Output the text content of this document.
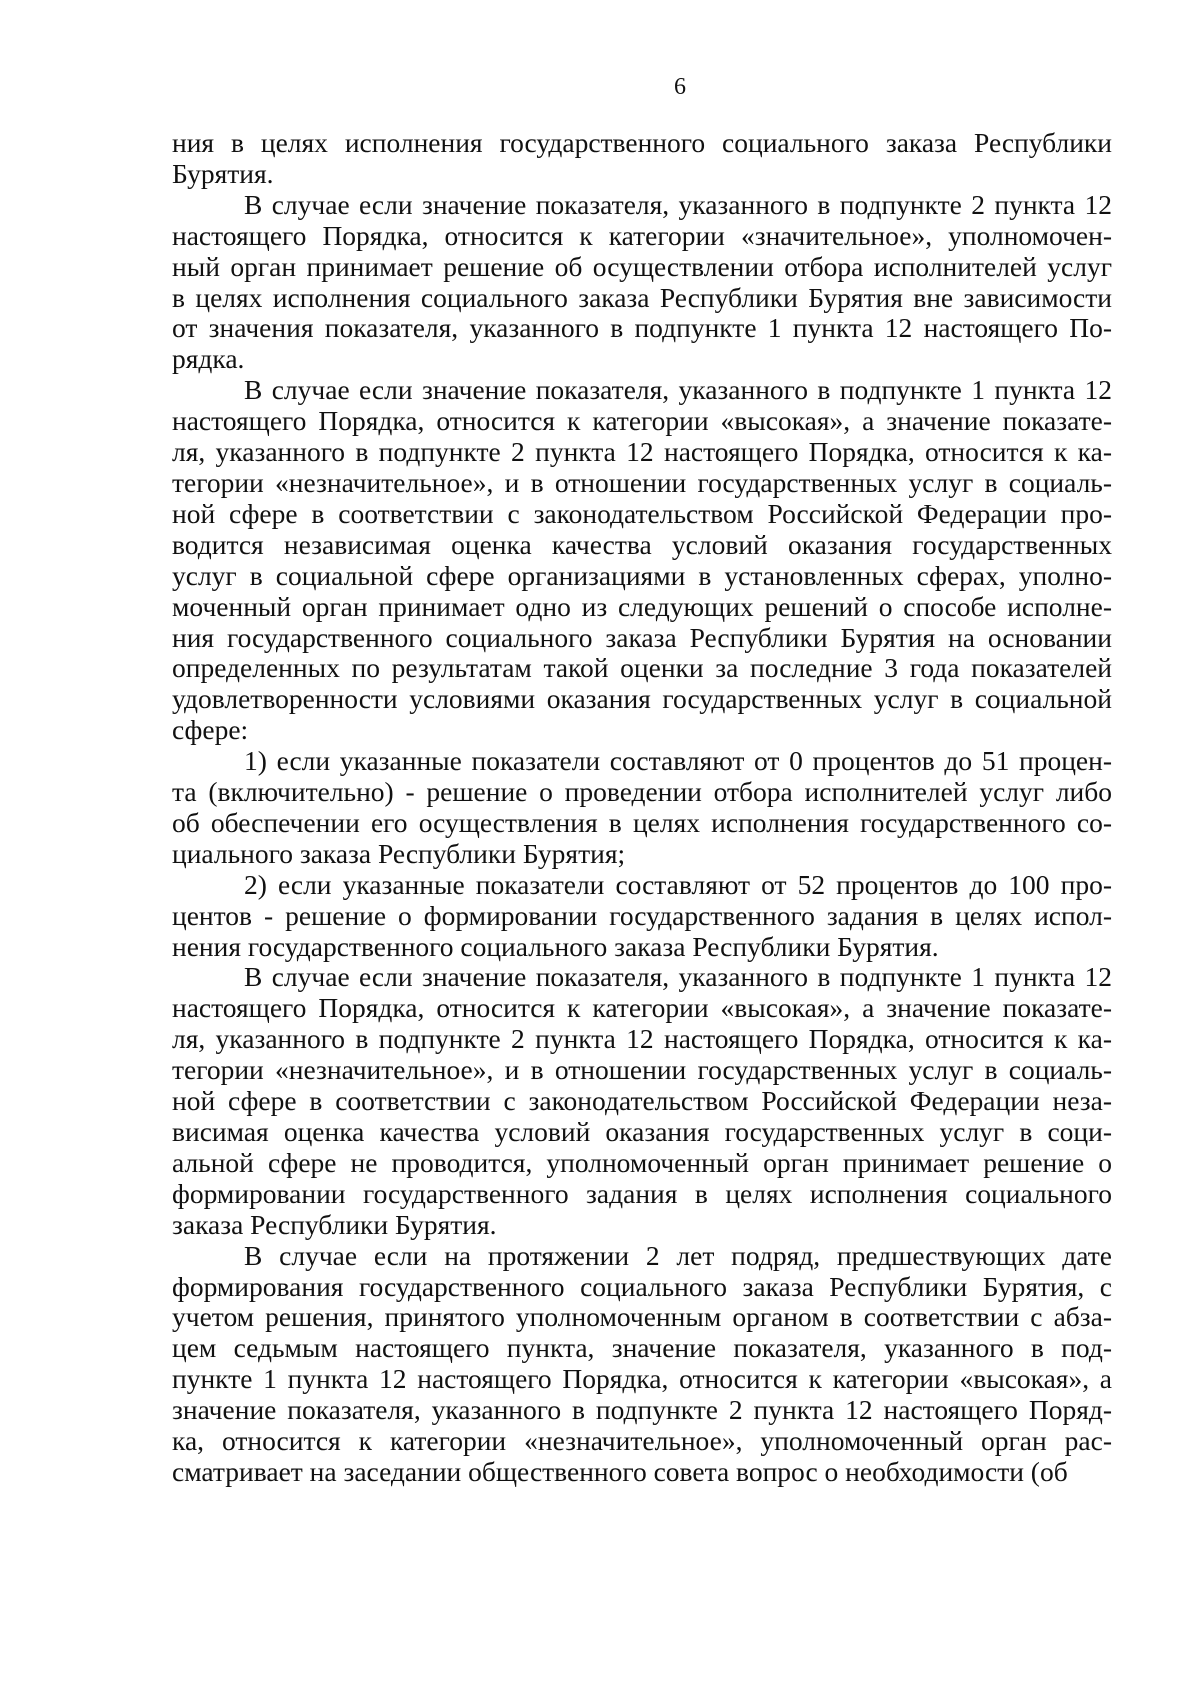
6
ния в целях исполнения государственного социального заказа Республики
Бурятия.
В случае если значение показателя, указанного в подпункте 2 пункта 12
настоящего Порядка, относится к категории «значительное», уполномочен-
ный орган принимает решение об осуществлении отбора исполнителей услуг
в целях исполнения социального заказа Республики Бурятия вне зависимости
от значения показателя, указанного в подпункте 1 пункта 12 настоящего По-
рядка.
В случае если значение показателя, указанного в подпункте 1 пункта 12
настоящего Порядка, относится к категории «высокая», а значение показате-
ля, указанного в подпункте 2 пункта 12 настоящего Порядка, относится к ка-
тегории «незначительное», и в отношении государственных услуг в социаль-
ной сфере в соответствии с законодательством Российской Федерации про-
водится независимая оценка качества условий оказания государственных
услуг в социальной сфере организациями в установленных сферах, уполно-
моченный орган принимает одно из следующих решений о способе исполне-
ния государственного социального заказа Республики Бурятия на основании
определенных по результатам такой оценки за последние 3 года показателей
удовлетворенности условиями оказания государственных услуг в социальной
сфере:
1) если указанные показатели составляют от 0 процентов до 51 процен-
та (включительно) - решение о проведении отбора исполнителей услуг либо
об обеспечении его осуществления в целях исполнения государственного со-
циального заказа Республики Бурятия;
2) если указанные показатели составляют от 52 процентов до 100 про-
центов - решение о формировании государственного задания в целях испол-
нения государственного социального заказа Республики Бурятия.
В случае если значение показателя, указанного в подпункте 1 пункта 12
настоящего Порядка, относится к категории «высокая», а значение показате-
ля, указанного в подпункте 2 пункта 12 настоящего Порядка, относится к ка-
тегории «незначительное», и в отношении государственных услуг в социаль-
ной сфере в соответствии с законодательством Российской Федерации неза-
висимая оценка качества условий оказания государственных услуг в соци-
альной сфере не проводится, уполномоченный орган принимает решение о
формировании государственного задания в целях исполнения социального
заказа Республики Бурятия.
В случае если на протяжении 2 лет подряд, предшествующих дате
формирования государственного социального заказа Республики Бурятия, с
учетом решения, принятого уполномоченным органом в соответствии с абза-
цем седьмым настоящего пункта, значение показателя, указанного в под-
пункте 1 пункта 12 настоящего Порядка, относится к категории «высокая», а
значение показателя, указанного в подпункте 2 пункта 12 настоящего Поряд-
ка, относится к категории «незначительное», уполномоченный орган рас-
сматривает на заседании общественного совета вопрос о необходимости (об
